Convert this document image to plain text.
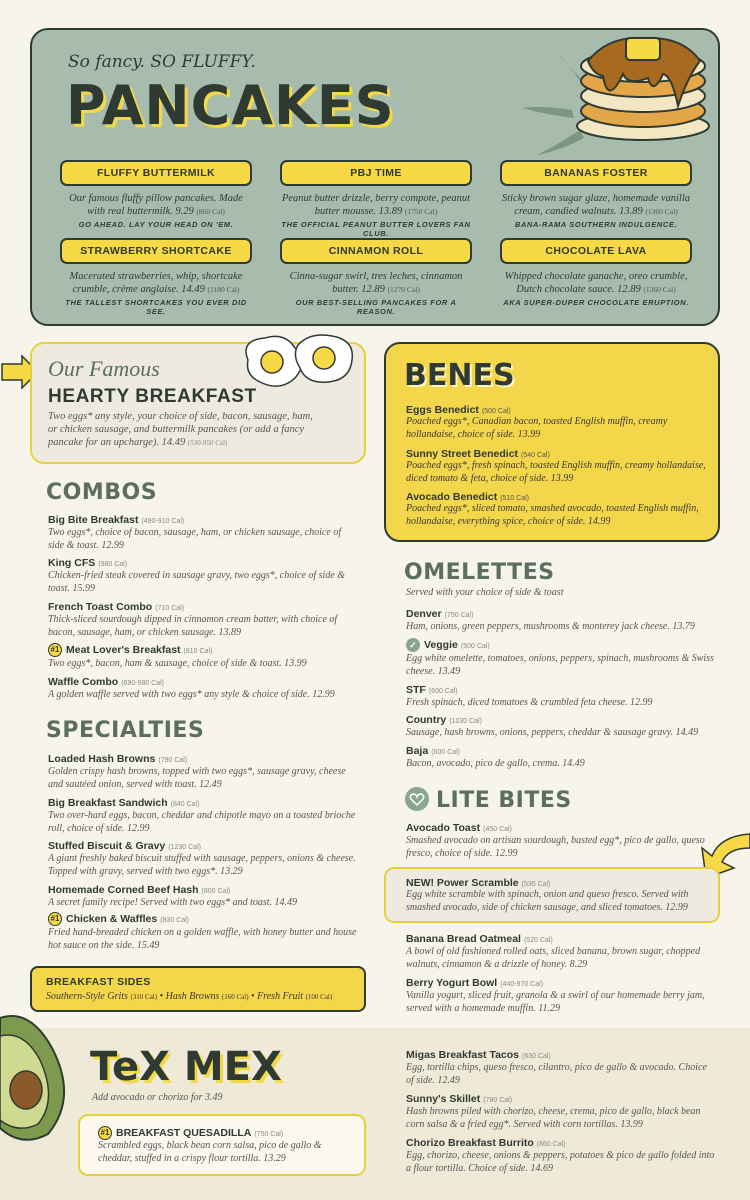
So fancy. SO FLUFFY.
PANCAKES
FLUFFY BUTTERMILK
Our famous fluffy pillow pancakes. Made with real buttermilk. 9.29 (860 Cal)
GO AHEAD. LAY YOUR HEAD ON 'EM.
PBJ TIME
Peanut butter drizzle, berry compote, peanut butter mousse. 13.89 (1750 Cal)
THE OFFICIAL PEANUT BUTTER LOVERS FAN CLUB.
BANANAS FOSTER
Sticky brown sugar glaze, homemade vanilla cream, candied walnuts. 13.89 (1360 Cal)
BANA-RAMA SOUTHERN INDULGENCE.
STRAWBERRY SHORTCAKE
Macerated strawberries, whip, shortcake crumble, crème anglaise. 14.49 (1180 Cal)
THE TALLEST SHORTCAKES YOU EVER DID SEE.
CINNAMON ROLL
Cinna-sugar swirl, tres leches, cinnamon butter. 12.89 (1270 Cal)
OUR BEST-SELLING PANCAKES FOR A REASON.
CHOCOLATE LAVA
Whipped chocolate ganache, oreo crumble, Dutch chocolate sauce. 12.89 (1360 Cal)
AKA SUPER-DUPER CHOCOLATE ERUPTION.
Our Famous
HEARTY BREAKFAST
Two eggs* any style, your choice of side, bacon, sausage, ham, or chicken sausage, and buttermilk pancakes (or add a fancy pancake for an upcharge). 14.49 (530-950 Cal)
COMBOS
Big Bite Breakfast (490-910 Cal)
Two eggs*, choice of bacon, sausage, ham, or chicken sausage, choice of side & toast. 12.99
King CFS (980 Cal)
Chicken-fried steak covered in sausage gravy, two eggs*, choice of side & toast. 15.99
French Toast Combo (710 Cal)
Thick-sliced sourdough dipped in cinnamon cream batter, with choice of bacon, sausage, ham, or chicken sausage. 13.89
#1 Meat Lover's Breakfast (810 Cal)
Two eggs*, bacon, ham & sausage, choice of side & toast. 13.99
Waffle Combo (690-980 Cal)
A golden waffle served with two eggs* any style & choice of side. 12.99
SPECIALTIES
Loaded Hash Browns (790 Cal)
Golden crispy hash browns, topped with two eggs*, sausage gravy, cheese and sautéed onion, served with toast. 12.49
Big Breakfast Sandwich (840 Cal)
Two over-hard eggs, bacon, cheddar and chipotle mayo on a toasted brioche roll, choice of side. 12.99
Stuffed Biscuit & Gravy (1230 Cal)
A giant freshly baked biscuit stuffed with sausage, peppers, onions & cheese. Topped with gravy, served with two eggs*. 13.29
Homemade Corned Beef Hash (800 Cal)
A secret family recipe! Served with two eggs* and toast. 14.49
#1 Chicken & Waffles (830 Cal)
Fried hand-breaded chicken on a golden waffle, with honey butter and house hot sauce on the side. 15.49
BREAKFAST SIDES
Southern-Style Grits (310 Cal) • Hash Browns (160 Cal) • Fresh Fruit (100 Cal)
BENES
Eggs Benedict (500 Cal)
Poached eggs*, Canadian bacon, toasted English muffin, creamy hollandaise, choice of side. 13.99
Sunny Street Benedict (540 Cal)
Poached eggs*, fresh spinach, toasted English muffin, creamy hollandaise, diced tomato & feta, choice of side. 13.99
Avocado Benedict (510 Cal)
Poached eggs*, sliced tomato, smashed avocado, toasted English muffin, hollandaise, everything spice, choice of side. 14.99
OMELETTES
Served with your choice of side & toast
Denver (750 Cal)
Ham, onions, green peppers, mushrooms & monterey jack cheese. 13.79
✓ Veggie (500 Cal)
Egg white omelette, tomatoes, onions, peppers, spinach, mushrooms & Swiss cheese. 13.49
STF (600 Cal)
Fresh spinach, diced tomatoes & crumbled feta cheese. 12.99
Country (1030 Cal)
Sausage, hash browns, onions, peppers, cheddar & sausage gravy. 14.49
Baja (600 Cal)
Bacon, avocado, pico de gallo, crema. 14.49
LITE BITES
Avocado Toast (450 Cal)
Smashed avocado on artisan sourdough, basted egg*, pico de gallo, queso fresco, choice of side. 12.99
NEW! Power Scramble (535 Cal)
Egg white scramble with spinach, onion and queso fresco. Served with smashed avocado, side of chicken sausage, and sliced tomatoes. 12.99
Banana Bread Oatmeal (520 Cal)
A bowl of old fashioned rolled oats, sliced banana, brown sugar, chopped walnuts, cinnamon & a drizzle of honey. 8.29
Berry Yogurt Bowl (440-970 Cal)
Vanilla yogurt, sliced fruit, granola & a swirl of our homemade berry jam, served with a homemade muffin. 11.29
TeX MEX
Add avocado or chorizo for 3.49
#1 BREAKFAST QUESADILLA (750 Cal)
Scrambled eggs, black bean corn salsa, pico de gallo & cheddar, stuffed in a crispy flour tortilla. 13.29
Migas Breakfast Tacos (630 Cal)
Egg, tortilla chips, queso fresco, cilantro, pico de gallo & avocado. Choice of side. 12.49
Sunny's Skillet (780 Cal)
Hash browns piled with chorizo, cheese, crema, pico de gallo, black bean corn salsa & a fried egg*. Served with corn tortillas. 13.99
Chorizo Breakfast Burrito (860 Cal)
Egg, chorizo, cheese, onions & peppers, potatoes & pico de gallo folded into a flour tortilla. Choice of side. 14.69
